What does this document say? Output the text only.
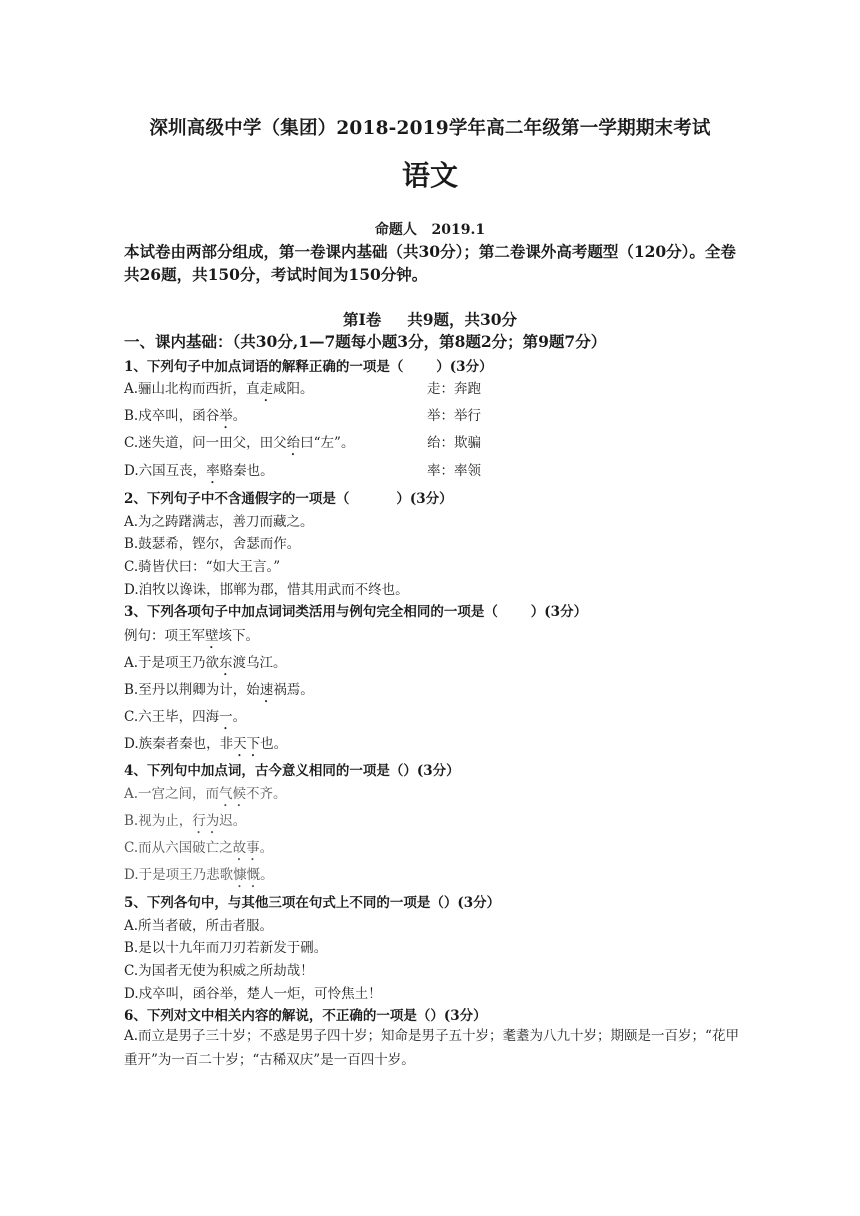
深圳高级中学（集团）2018-2019学年高二年级第一学期期末考试
语文
命题人   2019.1
本试卷由两部分组成，第一卷课内基础（共30分）；第二卷课外高考题型（120分）。全卷共26题，共150分，考试时间为150分钟。
第Ⅰ卷 共9题，共30分
一、课内基础：（共30分,1—7题每小题3分，第8题2分；第9题7分）
1、下列句子中加点词语的解释正确的一项是（       ）(3分）
A.骊山北构而西折，直走咸阳。	走：奔跑
B.戍卒叫，函谷举。	举：举行
C.迷失道，问一田父，田父绐曰“左”。	绐：欺骗
D.六国互丧，率赂秦也。	率：率领
2、下列句子中不含通假字的一项是（          ）(3分）
A.为之踌躇满志，善刀而藏之。
B.鼓瑟希，铿尔，舍瑟而作。
C.骑皆伏曰：“如大王言。”
D.洎牧以谗诛，邯郸为郡，惜其用武而不终也。
3、下列各项句子中加点词词类活用与例句完全相同的一项是（       ）(3分）
例句：项王军壁垓下。
A.于是项王乃欲东渡乌江。
B.至丹以荆卿为计，始速祸焉。
C.六王毕，四海一。
D.族秦者秦也，非天下也。
4、下列句中加点词，古今意义相同的一项是（）(3分）
A.一宫之间，而气候不齐。
B.视为止，行为迟。
C.而从六国破亡之故事。
D.于是项王乃悲歌慷慨。
5、下列各句中，与其他三项在句式上不同的一项是（）(3分）
A.所当者破，所击者服。
B.是以十九年而刀刃若新发于硎。
C.为国者无使为积威之所劫哉！
D.戍卒叫，函谷举，楚人一炬，可怜焦土！
6、下列对文中相关内容的解说，不正确的一项是（）(3分）
A.而立是男子三十岁；不惑是男子四十岁；知命是男子五十岁；耄耋为八九十岁；期颐是一百岁；“花甲重开”为一百二十岁；“古稀双庆”是一百四十岁。
